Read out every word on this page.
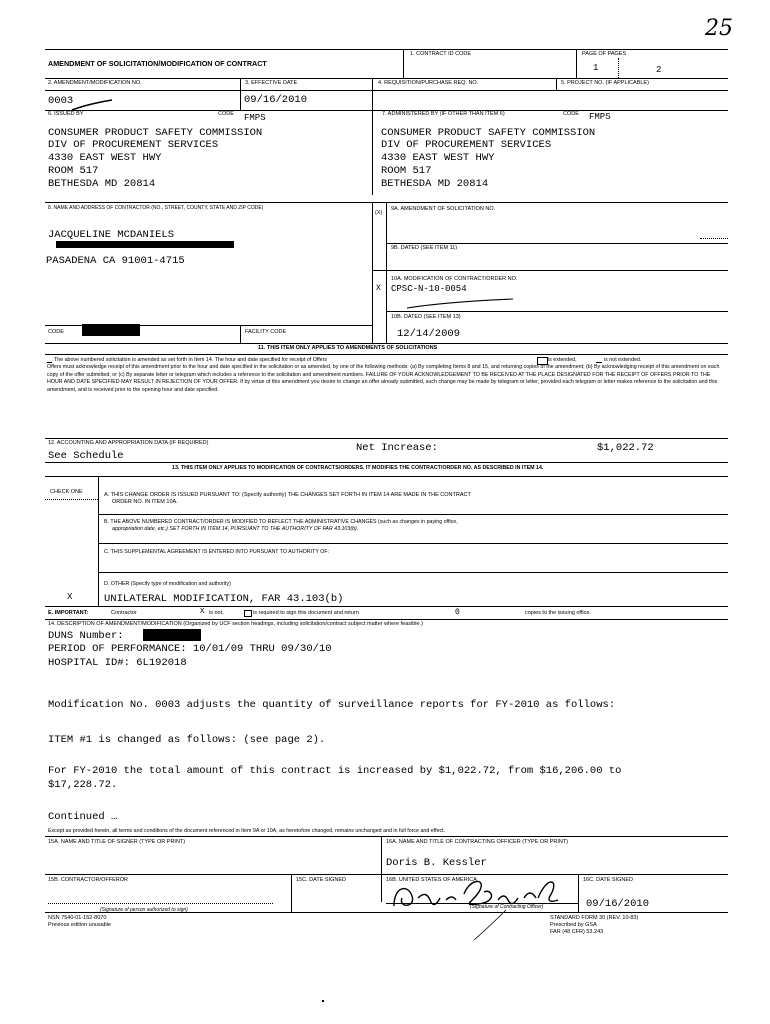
25
AMENDMENT OF SOLICITATION/MODIFICATION OF CONTRACT
1. CONTRACT ID CODE	PAGE OF PAGES
1	2
2. AMENDMENT/MODIFICATION NO.
0003
3. EFFECTIVE DATE
09/16/2010
4. REQUISITION/PURCHASE REQ. NO.	5. PROJECT NO. (IF APPLICABLE)
6. ISSUED BY	CODE FMPS
CONSUMER PRODUCT SAFETY COMMISSION
DIV OF PROCUREMENT SERVICES
4330 EAST WEST HWY
ROOM 517
BETHESDA MD 20814
7. ADMINISTERED BY (IF OTHER THAN ITEM 6)	CODE FMPS
CONSUMER PRODUCT SAFETY COMMISSION
DIV OF PROCUREMENT SERVICES
4330 EAST WEST HWY
ROOM 517
BETHESDA MD 20814
8. NAME AND ADDRESS OF CONTRACTOR (NO., STREET, COUNTY, STATE AND ZIP CODE)
JACQUELINE MCDANIELS
PASADENA CA 91001-4715
CODE	FACILITY CODE
(X)
9A. AMENDMENT OF SOLICITATION NO.
9B. DATED (SEE ITEM 11)
10A. MODIFICATION OF CONTRACT/ORDER NO.
X CPSC-N-10-0054
10B. DATED (SEE ITEM 13)
12/14/2009
11. THIS ITEM ONLY APPLIES TO AMENDMENTS OF SOLICITATIONS
The above numbered solicitation is amended as set forth in Item 14. The hour and date specified for receipt of Offers	is extended,	is not extended.
Offers must acknowledge receipt of this amendment prior to the hour and date specified in the solicitation or as amended, by one of the following methods: (a) By completing Items 8 and 15, and returning copies of the amendment; (b) By acknowledging receipt of this amendment on each copy of the offer submitted; or (c) By separate letter or telegram which includes a reference to the solicitation and amendment numbers. FAILURE OF YOUR ACKNOWLEDGEMENT TO BE RECEIVED AT THE PLACE DESIGNATED FOR THE RECEIPT OF OFFERS PRIOR TO THE HOUR AND DATE SPECIFIED MAY RESULT IN REJECTION OF YOUR OFFER. If by virtue of this amendment you desire to change an offer already submitted, such change may be made by telegram or letter, provided each telegram or letter makes reference to the solicitation and this amendment, and is received prior to the opening hour and date specified.
12. ACCOUNTING AND APPROPRIATION DATA (IF REQUIRED)
See Schedule
Net Increase:	$1,022.72
13. THIS ITEM ONLY APPLIES TO MODIFICATION OF CONTRACTS/ORDERS. IT MODIFIES THE CONTRACT/ORDER NO. AS DESCRIBED IN ITEM 14.
CHECK ONE	A. THIS CHANGE ORDER IS ISSUED PURSUANT TO: (Specify authority) THE CHANGES SET FORTH IN ITEM 14 ARE MADE IN THE CONTRACT
ORDER NO. IN ITEM 10A.
B. THE ABOVE NUMBERED CONTRACT/ORDER IS MODIFIED TO REFLECT THE ADMINISTRATIVE CHANGES (such as changes in paying office,
appropriation date, etc.) SET FORTH IN ITEM 14, PURSUANT TO THE AUTHORITY OF FAR 43.103(b).
C. THIS SUPPLEMENTAL AGREEMENT IS ENTERED INTO PURSUANT TO AUTHORITY OF:
D. OTHER (Specify type of modification and authority)
X	UNILATERAL MODIFICATION, FAR 43.103(b)
E. IMPORTANT:	Contractor	X is not,	is required to sign this document and return	0	copies to the issuing office.
14. DESCRIPTION OF AMENDMENT/MODIFICATION (Organized by UCF section headings, including solicitation/contract subject matter where feasible.)
DUNS Number:
PERIOD OF PERFORMANCE: 10/01/09 THRU 09/30/10
HOSPITAL ID#: 6L192018
Modification No. 0003 adjusts the quantity of surveillance reports for FY-2010 as follows:
ITEM #1 is changed as follows: (see page 2).
For FY-2010 the total amount of this contract is increased by $1,022.72, from $16,206.00 to
$17,228.72.
Continued …
Except as provided herein, all terms and conditions of the document referenced in Item 9A or 10A, as heretofore changed, remains unchanged and in full force and effect.
15A. NAME AND TITLE OF SIGNER (TYPE OR PRINT)	16A. NAME AND TITLE OF CONTRACTING OFFICER (TYPE OR PRINT)
Doris B. Kessler
15B. CONTRACTOR/OFFEROR
(Signature of person authorized to sign)
15C. DATE SIGNED	16B. UNITED STATES OF AMERICA
(Signature of Contracting Officer)
16C. DATE SIGNED
09/16/2010
NSN 7540-01-152-8070
Previous edition unusable
STANDARD FORM 30 (REV. 10-83)
Prescribed by GSA
FAR (48 CFR) 53.243
